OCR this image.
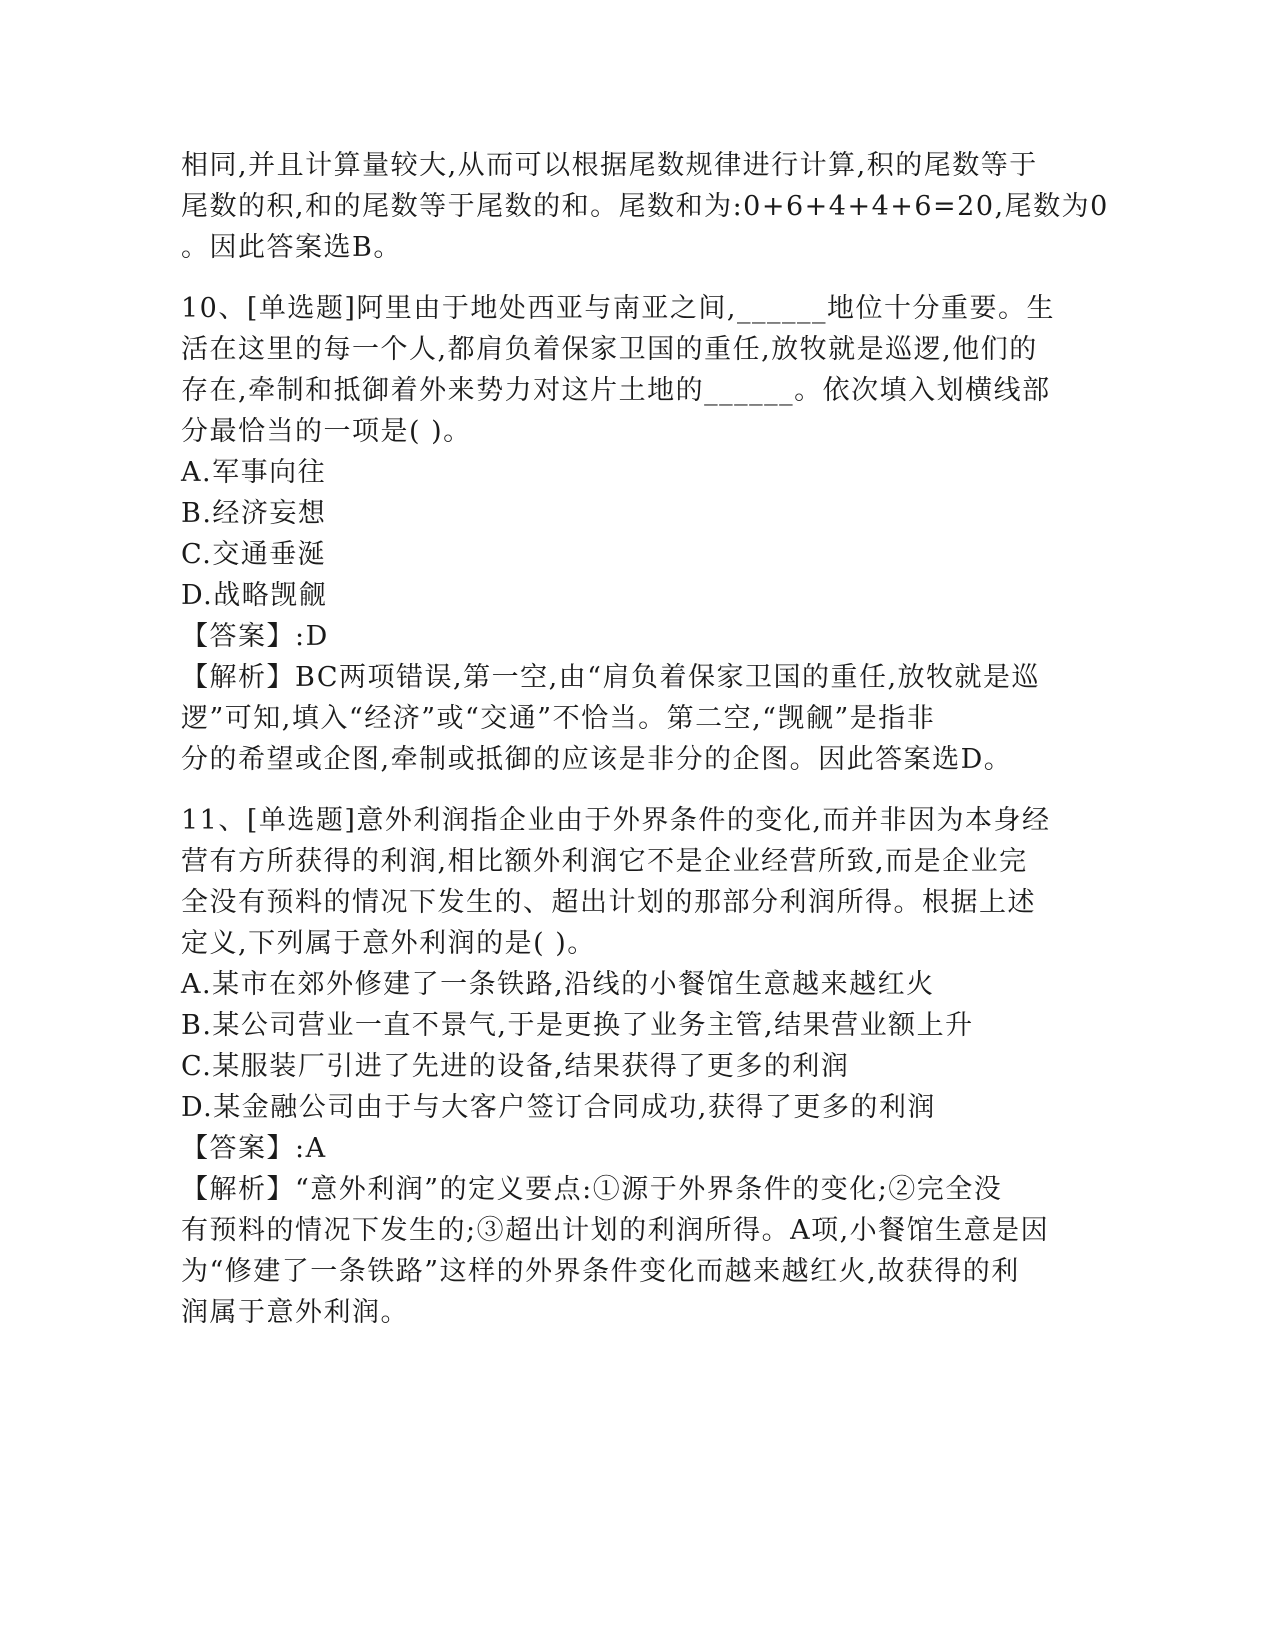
相同,并且计算量较大,从而可以根据尾数规律进行计算,积的尾数等于
尾数的积,和的尾数等于尾数的和。尾数和为:0+6+4+4+6=20,尾数为0
。因此答案选B。
10、[单选题]阿里由于地处西亚与南亚之间,______地位十分重要。生
活在这里的每一个人,都肩负着保家卫国的重任,放牧就是巡逻,他们的
存在,牵制和抵御着外来势力对这片土地的______。依次填入划横线部
分最恰当的一项是( )。
A.军事向往
B.经济妄想
C.交通垂涎
D.战略觊觎
【答案】:D
【解析】BC两项错误,第一空,由“肩负着保家卫国的重任,放牧就是巡
逻”可知,填入“经济”或“交通”不恰当。第二空,“觊觎”是指非
分的希望或企图,牵制或抵御的应该是非分的企图。因此答案选D。
11、[单选题]意外利润指企业由于外界条件的变化,而并非因为本身经
营有方所获得的利润,相比额外利润它不是企业经营所致,而是企业完
全没有预料的情况下发生的、超出计划的那部分利润所得。根据上述
定义,下列属于意外利润的是( )。
A.某市在郊外修建了一条铁路,沿线的小餐馆生意越来越红火
B.某公司营业一直不景气,于是更换了业务主管,结果营业额上升
C.某服装厂引进了先进的设备,结果获得了更多的利润
D.某金融公司由于与大客户签订合同成功,获得了更多的利润
【答案】:A
【解析】“意外利润”的定义要点:①源于外界条件的变化;②完全没
有预料的情况下发生的;③超出计划的利润所得。A项,小餐馆生意是因
为“修建了一条铁路”这样的外界条件变化而越来越红火,故获得的利
润属于意外利润。
